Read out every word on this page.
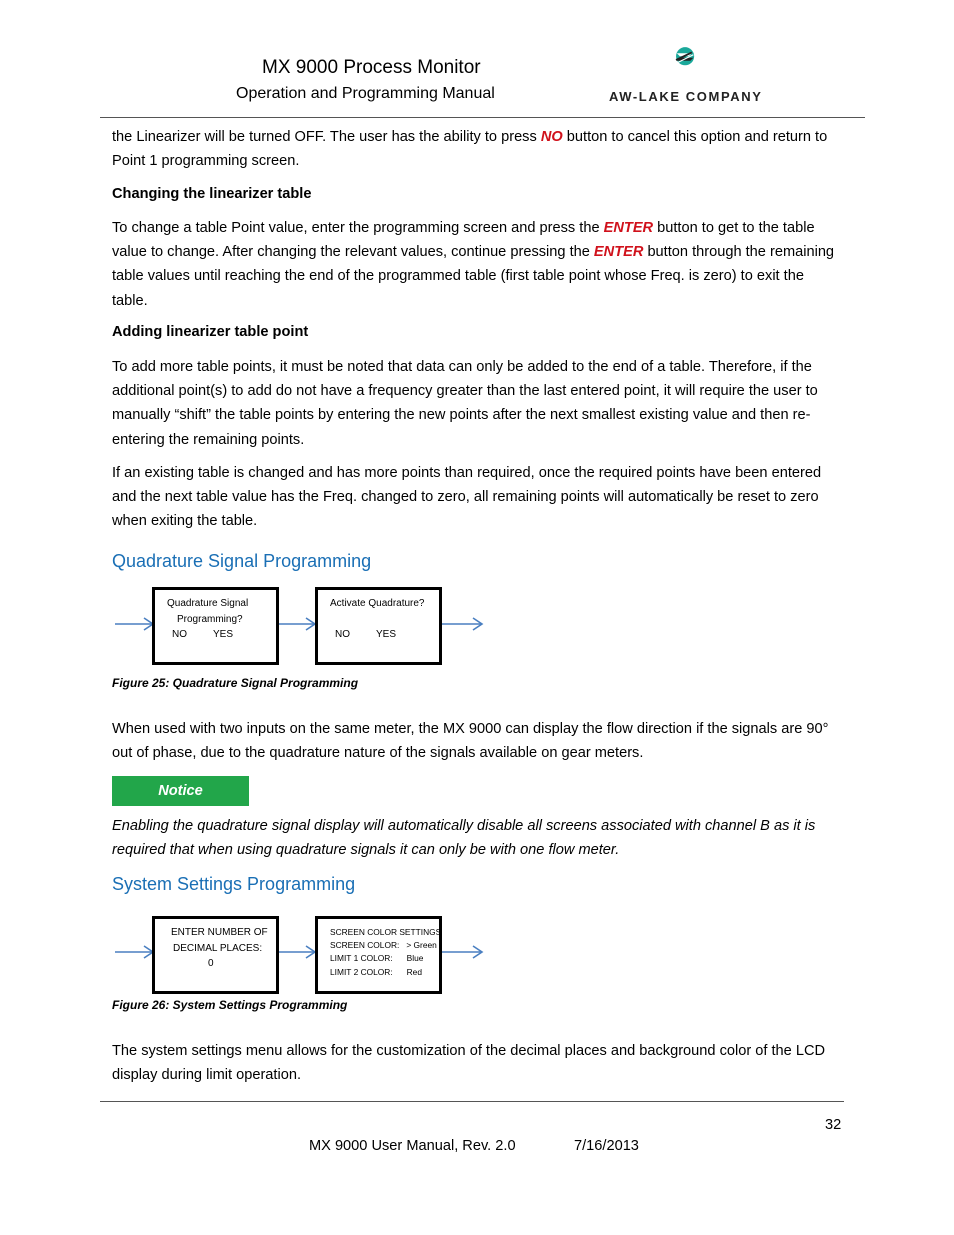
MX 9000 Process Monitor
Operation and Programming Manual	AW-LAKE COMPANY
the Linearizer will be turned OFF. The user has the ability to press NO button to cancel this option and return to Point 1 programming screen.
Changing the linearizer table
To change a table Point value, enter the programming screen and press the ENTER button to get to the table value to change. After changing the relevant values, continue pressing the ENTER button through the remaining table values until reaching the end of the programmed table (first table point whose Freq. is zero) to exit the table.
Adding linearizer table point
To add more table points, it must be noted that data can only be added to the end of a table. Therefore, if the additional point(s) to add do not have a frequency greater than the last entered point, it will require the user to manually “shift” the table points by entering the new points after the next smallest existing value and then re-entering the remaining points.
If an existing table is changed and has more points than required, once the required points have been entered and the next table value has the Freq. changed to zero, all remaining points will automatically be reset to zero when exiting the table.
Quadrature Signal Programming
Quadrature Signal
Programming?
NO	YES
Activate Quadrature?
NO	YES
Figure 25: Quadrature Signal Programming
When used with two inputs on the same meter, the MX 9000 can display the flow direction if the signals are 90° out of phase, due to the quadrature nature of the signals available on gear meters.
Notice
Enabling the quadrature signal display will automatically disable all screens associated with channel B as it is required that when using quadrature signals it can only be with one flow meter.
System Settings Programming
ENTER NUMBER OF
DECIMAL PLACES:
0
SCREEN COLOR SETTINGS
SCREEN COLOR:   > Green
LIMIT 1 COLOR:      Blue
LIMIT 2 COLOR:      Red
Figure 26: System Settings Programming
The system settings menu allows for the customization of the decimal places and background color of the LCD display during limit operation.
32
MX 9000 User Manual, Rev. 2.0	7/16/2013
